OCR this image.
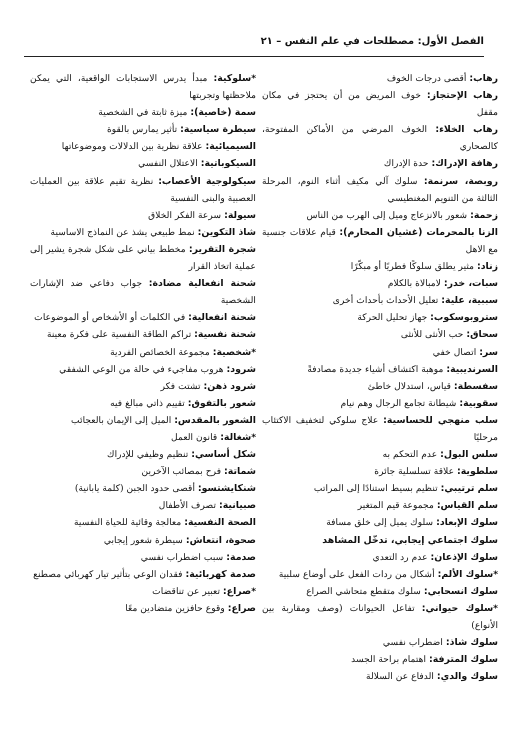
الفصل الأول: مصطلحات في علم النفس – ٢١

رهاب: أقصى درجات الخوف

رهاب الإحتجاز: خوف المريض من أن يحتجز في مكان مقفل

رهاب الخلاء: الخوف المرضي من الأماكن المفتوحة، كالصحاري

رهافة الإدراك: حدة الإدراك

روبصة، سرنمة: سلوك آلي مكيف أثناء النوم، المرحلة الثالثة من التنويم المغنطيسي

زحمة: شعور بالانزعاج وميل إلى الهرب من الناس

الزنا بالمحرمات (غشيان المحارم): قيام علاقات جنسية مع الاهل

زناد: مثير يطلق سلوكًا فطريًا أو مبكّرًا

سبات، خدر: لامبالاة بالكلام

سببية، علية: تعليل الأحداث بأحداث أخرى

ستروبوسكوب: جهاز تحليل الحركة

سحاق: حب الأنثى للأنثى

سر: اتصال خفي

السرنديبية: موهبة اكتشاف أشياء جديدة مصادفةً

سفسطة: قياس، استدلال خاطئ

سقوبية: شيطانة تجامع الرجال وهم نيام

سلب منهجي للحساسية: علاج سلوكي لتخفيف الاكتئاب مرحليًا

سلس البول: عدم التحكم به

سلطوية: علاقة تسلسلية جائرة

سلم ترتيبي: تنظيم بسيط استنادًا إلى المراتب

سلم القياس: مجموعة قيم المتغير

سلوك الإبعاد: سلوك يميل إلى خلق مسافة

سلوك اجتماعي إيجابي، تدخّل المشاهد

سلوك الإذعان: عدم رد التعدي

*سلوك الألم: أشكال من ردات الفعل على أوضاع سلبية

سلوك انسحابي: سلوك متقطع متحاشي الصراع

*سلوك حيواني: تفاعل الحيوانات (وصف ومقاربة بين الأنواع)

سلوك شاذ: اضطراب نفسي

سلوك المترفة: اهتمام براحة الجسد

سلوك والدي: الدفاع عن السلالة

*سلوكية: مبدأ يدرس الاستجابات الواقعية، التي يمكن ملاحظتها وتجربتها

سمة (خاصية): ميزة ثابتة في الشخصية

سيطرة سياسية: تأثير يمارس بالقوة

السيميائية: علاقة نظرية بين الدلالات وموضوعاتها

السيكوباتية: الاعتلال النفسي

سيكولوجية الأعصاب: نظرية تقيم علاقة بين العمليات العصبية والبنى النفسية

سيولة: سرعة الفكر الخلاق

شاذ التكوين: نمط طبيعي يشذ عن النماذج الاساسية

شجرة التقرير: مخطط بياني على شكل شجرة يشير إلى عملية اتخاذ القرار

شحنة انفعالية مضادة: جواب دفاعي ضد الإشارات الشخصية

شحنة انفعالية: في الكلمات أو الأشخاص أو الموضوعات

شحنة نفسية: تراكم الطاقة النفسية على فكرة معينة

*شخصية: مجموعة الخصائص الفردية

شرود: هروب مفاجيء في حالة من الوعي الشفقي

شرود ذهن: تشتت فكر

شعور بالتفوق: تقييم ذاتي مبالغ فيه

الشعور بالمقدس: الميل إلى الإيمان بالعجائب

*شغالة: قانون العمل

شكل أساسي: تنظيم وظيفي للإدراك

شماتة: فرح بمصائب الآخرين

شنكايشتسو: أقصى حدود الجبن (كلمة يابانية)

صبيانية: تصرف الأطفال

الصحة النفسية: معالجة وقائية للحياة النفسية

صحوة، انتعاش: سيطرة شعور إيجابي

صدمة: سبب اضطراب نفسي

صدمة كهربائية: فقدان الوعي بتأثير تيار كهربائي مصطنع

*صراع: تعبير عن تناقضات

صراع: وقوع حافزين متضادين معًا
